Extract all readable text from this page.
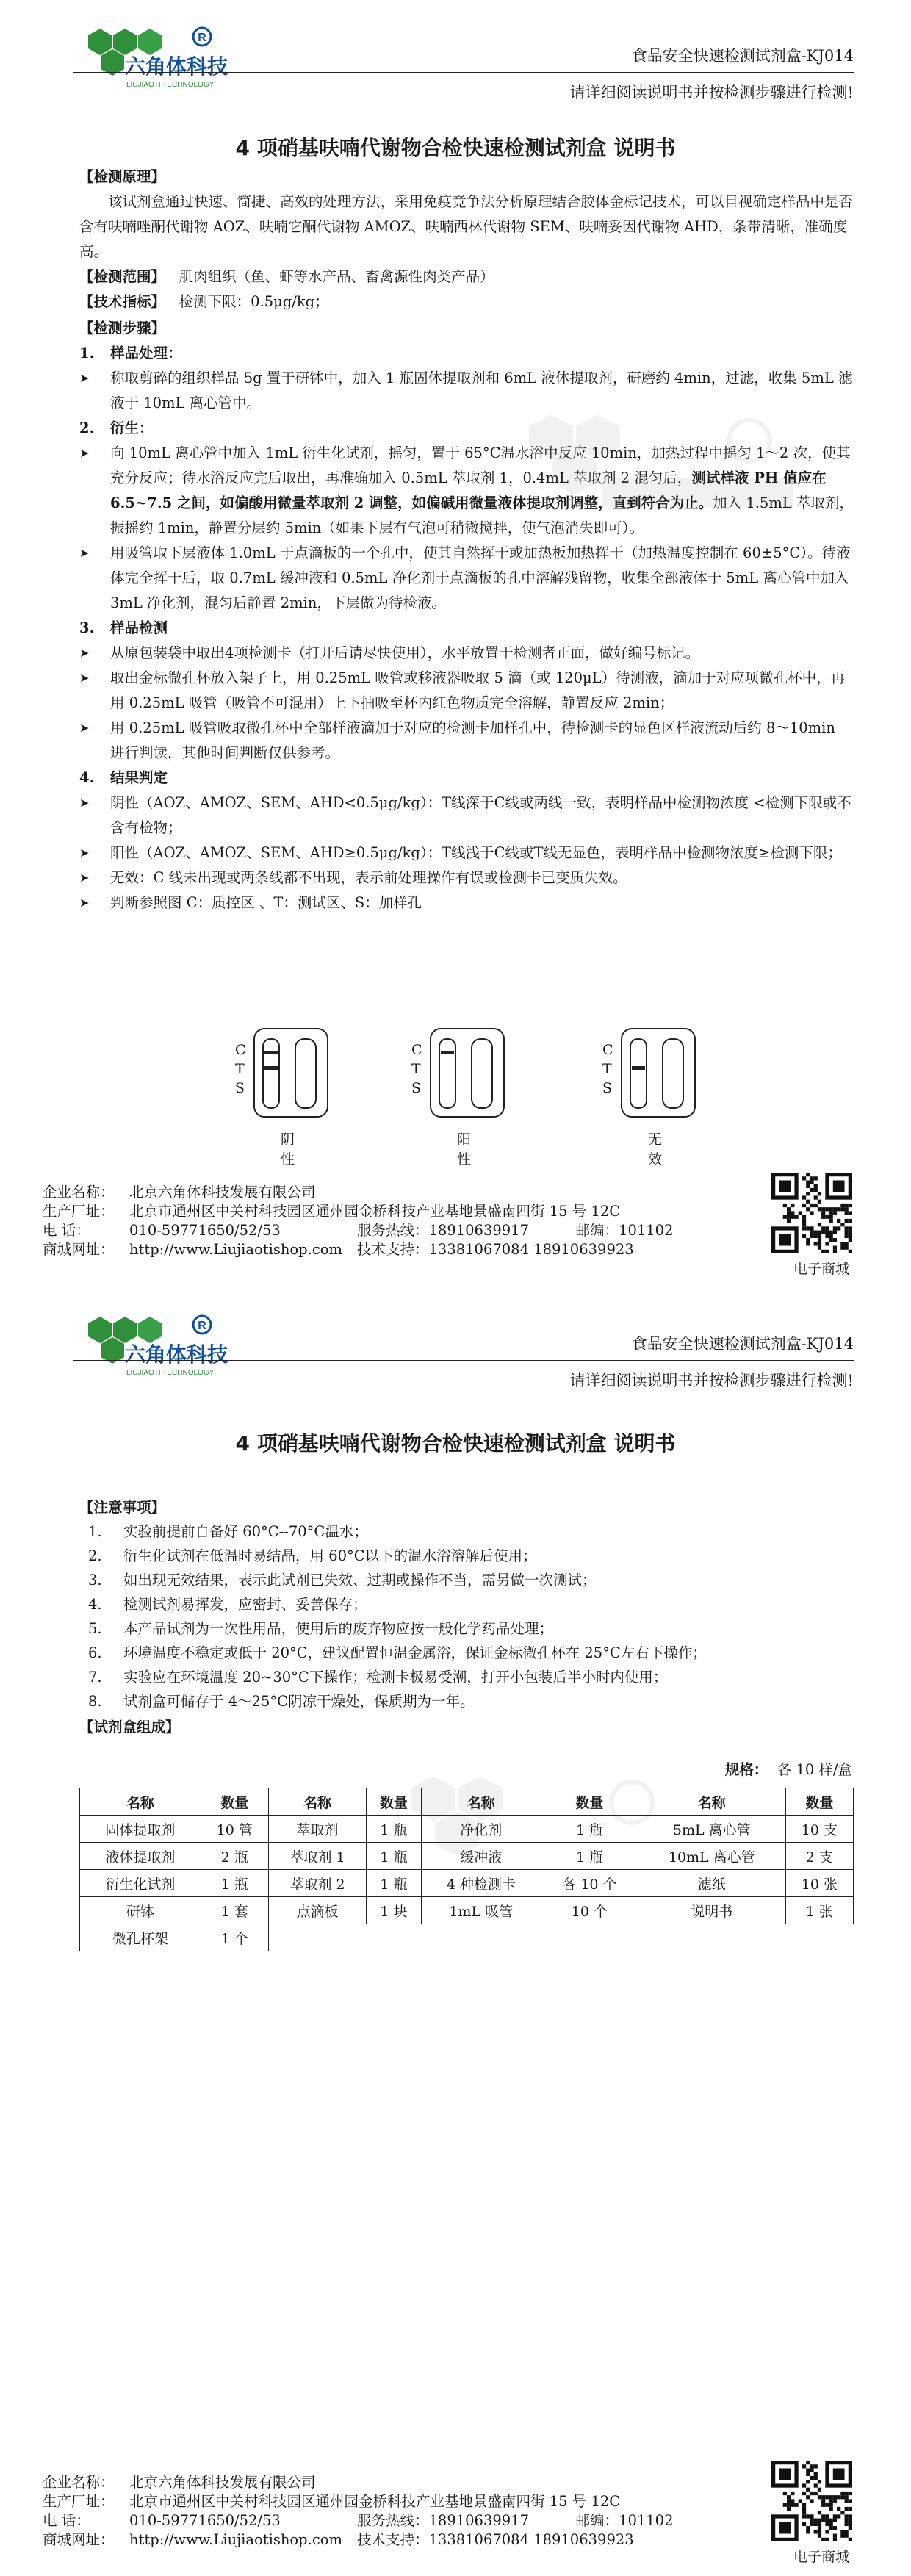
R
六角体科技
LIUJIAOTI TECHNOLOGY
食品安全快速检测试剂盒-KJ014
请详细阅读说明书并按检测步骤进行检测!
4 项硝基呋喃代谢物合检快速检测试剂盒 说明书
【检测原理】

该试剂盒通过快速、简捷、高效的处理方法，采用免疫竞争法分析原理结合胶体金标记技术，可以目视确定样品中是否含有呋喃唑酮代谢物 AOZ、呋喃它酮代谢物 AMOZ、呋喃西林代谢物 SEM、呋喃妥因代谢物 AHD，条带清晰，准确度高。

【检测范围】 肌肉组织（鱼、虾等水产品、畜禽源性肉类产品）
【技术指标】 检测下限：0.5μg/kg；
【检测步骤】
1.	样品处理：
➤	称取剪碎的组织样品 5g 置于研钵中，加入 1 瓶固体提取剂和 6mL 液体提取剂，研磨约 4min，过滤，收集 5mL 滤液于 10mL 离心管中。
2.	衍生：
➤	向 10mL 离心管中加入 1mL 衍生化试剂，摇匀，置于 65°C温水浴中反应 10min，加热过程中摇匀 1～2 次，使其充分反应；待水浴反应完后取出，再准确加入 0.5mL 萃取剂 1，0.4mL 萃取剂 2 混匀后，测试样液 PH 值应在 6.5~7.5 之间，如偏酸用微量萃取剂 2 调整，如偏碱用微量液体提取剂调整，直到符合为止。加入 1.5mL 萃取剂，振摇约 1min，静置分层约 5min（如果下层有气泡可稍微搅拌，使气泡消失即可）。
➤	用吸管取下层液体 1.0mL 于点滴板的一个孔中，使其自然挥干或加热板加热挥干（加热温度控制在 60±5°C）。待液体完全挥干后，取 0.7mL 缓冲液和 0.5mL 净化剂于点滴板的孔中溶解残留物，收集全部液体于 5mL 离心管中加入 3mL 净化剂，混匀后静置 2min，下层做为待检液。
3.	样品检测
➤	从原包装袋中取出4项检测卡（打开后请尽快使用），水平放置于检测者正面，做好编号标记。
➤	取出金标微孔杯放入架子上，用 0.25mL 吸管或移液器吸取 5 滴（或 120μL）待测液，滴加于对应项微孔杯中，再用 0.25mL 吸管（吸管不可混用）上下抽吸至杯内红色物质完全溶解，静置反应 2min；
➤	用 0.25mL 吸管吸取微孔杯中全部样液滴加于对应的检测卡加样孔中，待检测卡的显色区样液流动后约 8～10min 进行判读，其他时间判断仅供参考。
4.	结果判定
➤	阴性（AOZ、AMOZ、SEM、AHD<0.5μg/kg）：T线深于C线或两线一致，表明样品中检测物浓度 <检测下限或不含有检物；
➤	阳性（AOZ、AMOZ、SEM、AHD≥0.5μg/kg）：T线浅于C线或T线无显色，表明样品中检测物浓度≥检测下限；
➤	无效：C 线未出现或两条线都不出现，表示前处理操作有误或检测卡已变质失效。
➤	判断参照图 C：质控区 、T：测试区、S：加样孔
C
T
S
阴性
C
T
S
阳性
C
T
S
无效
企业名称：	北京六角体科技发展有限公司
生产厂址：	北京市通州区中关村科技园区通州园金桥科技产业基地景盛南四街 15 号 12C
电 话：	010-59771650/52/53	服务热线： 18910639917	邮编： 101102
商城网址：	http://www.Liujiaotishop.com	技术支持： 13381067084 18910639923
电子商城
R
六角体科技
LIUJIAOTI TECHNOLOGY
食品安全快速检测试剂盒-KJ014
请详细阅读说明书并按检测步骤进行检测!
4 项硝基呋喃代谢物合检快速检测试剂盒 说明书
【注意事项】
1.	实验前提前自备好 60°C--70°C温水；
2.	衍生化试剂在低温时易结晶，用 60°C以下的温水浴溶解后使用；
3.	如出现无效结果，表示此试剂已失效、过期或操作不当，需另做一次测试；
4.	检测试剂易挥发，应密封、妥善保存；
5.	本产品试剂为一次性用品，使用后的废弃物应按一般化学药品处理；
6.	环境温度不稳定或低于 20°C，建议配置恒温金属浴，保证金标微孔杯在 25°C左右下操作；
7.	实验应在环境温度 20~30°C下操作；检测卡极易受潮，打开小包装后半小时内使用；
8.	试剂盒可储存于 4～25°C阴凉干燥处，保质期为一年。
【试剂盒组成】
规格： 各 10 样/盒
名称	数量	名称	数量	名称	数量	名称	数量
固体提取剂	10 管	萃取剂	1 瓶	净化剂	1 瓶	5mL 离心管	10 支
液体提取剂	2 瓶	萃取剂 1	1 瓶	缓冲液	1 瓶	10mL 离心管	2 支
衍生化试剂	1 瓶	萃取剂 2	1 瓶	4 种检测卡	各 10 个	滤纸	10 张
研钵	1 套	点滴板	1 块	1mL 吸管	10 个	说明书	1 张
微孔杯架	1 个						
企业名称：	北京六角体科技发展有限公司
生产厂址：	北京市通州区中关村科技园区通州园金桥科技产业基地景盛南四街 15 号 12C
电 话：	010-59771650/52/53	服务热线： 18910639917	邮编： 101102
商城网址：	http://www.Liujiaotishop.com	技术支持： 13381067084 18910639923
电子商城
